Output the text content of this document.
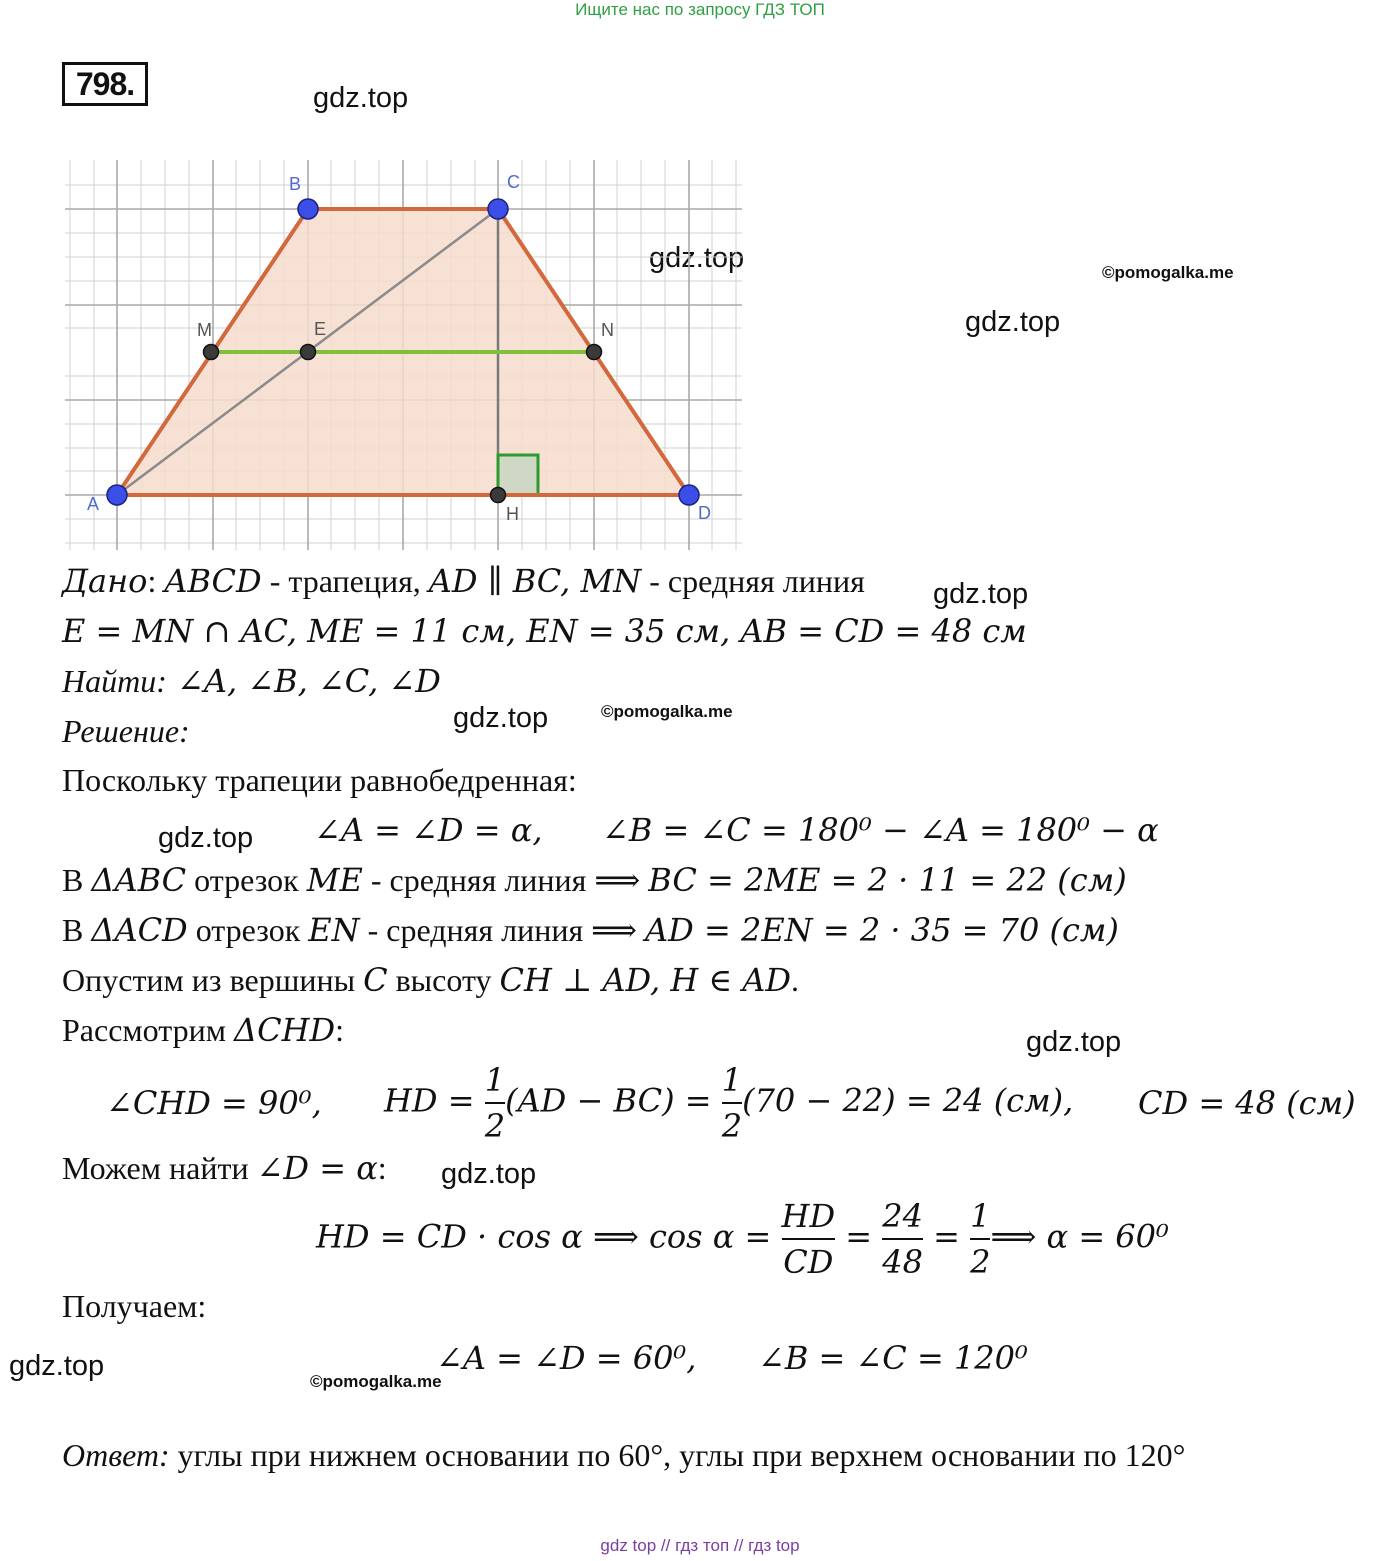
Ищите нас по запросу ГДЗ ТОП
798.	gdz.top
gdz.top	©pomogalka.me
gdz.top
B	C
A	D
M	E	N
H
Дано: ABCD - трапеция, AD ∥ BC, MN - средняя линия gdz.top
E = MN ∩ AC, ME = 11 см, EN = 35 см, AB = CD = 48 см
Найти: ∠A, ∠B, ∠C, ∠D
Решение:	gdz.top	©pomogalka.me
Поскольку трапеции равнобедренная:
gdz.top ∠A = ∠D = α, ∠B = ∠C = 180⁰ − ∠A = 180⁰ − α
В ΔABC отрезок ME - средняя линия ⟹ BC = 2ME = 2 · 11 = 22 (см)
В ΔACD отрезок EN - средняя линия ⟹ AD = 2EN = 2 · 35 = 70 (см)
Опустим из вершины C высоту CH ⊥ AD, H ∈ AD.
Рассмотрим ΔCHD:	gdz.top
∠CHD = 90⁰, HD = $\frac{1}{2} (AD - BC) = \frac{1}{2} (70 - 22) = 24$ (см), CD = 48 (см)
Можем найти ∠D = α: gdz.top
HD = CD · cos α ⟹ $\cos \alpha = \frac{HD}{CD} = \frac{24}{48} = \frac{1}{2}$ ⟹ α = 60⁰
Получаем:
gdz.top	∠A = ∠D = 60⁰, ∠B = ∠C = 120⁰
©pomogalka.me
Ответ: углы при нижнем основании по 60°, углы при верхнем основании по 120°
gdz top // гдз топ // гдз top
